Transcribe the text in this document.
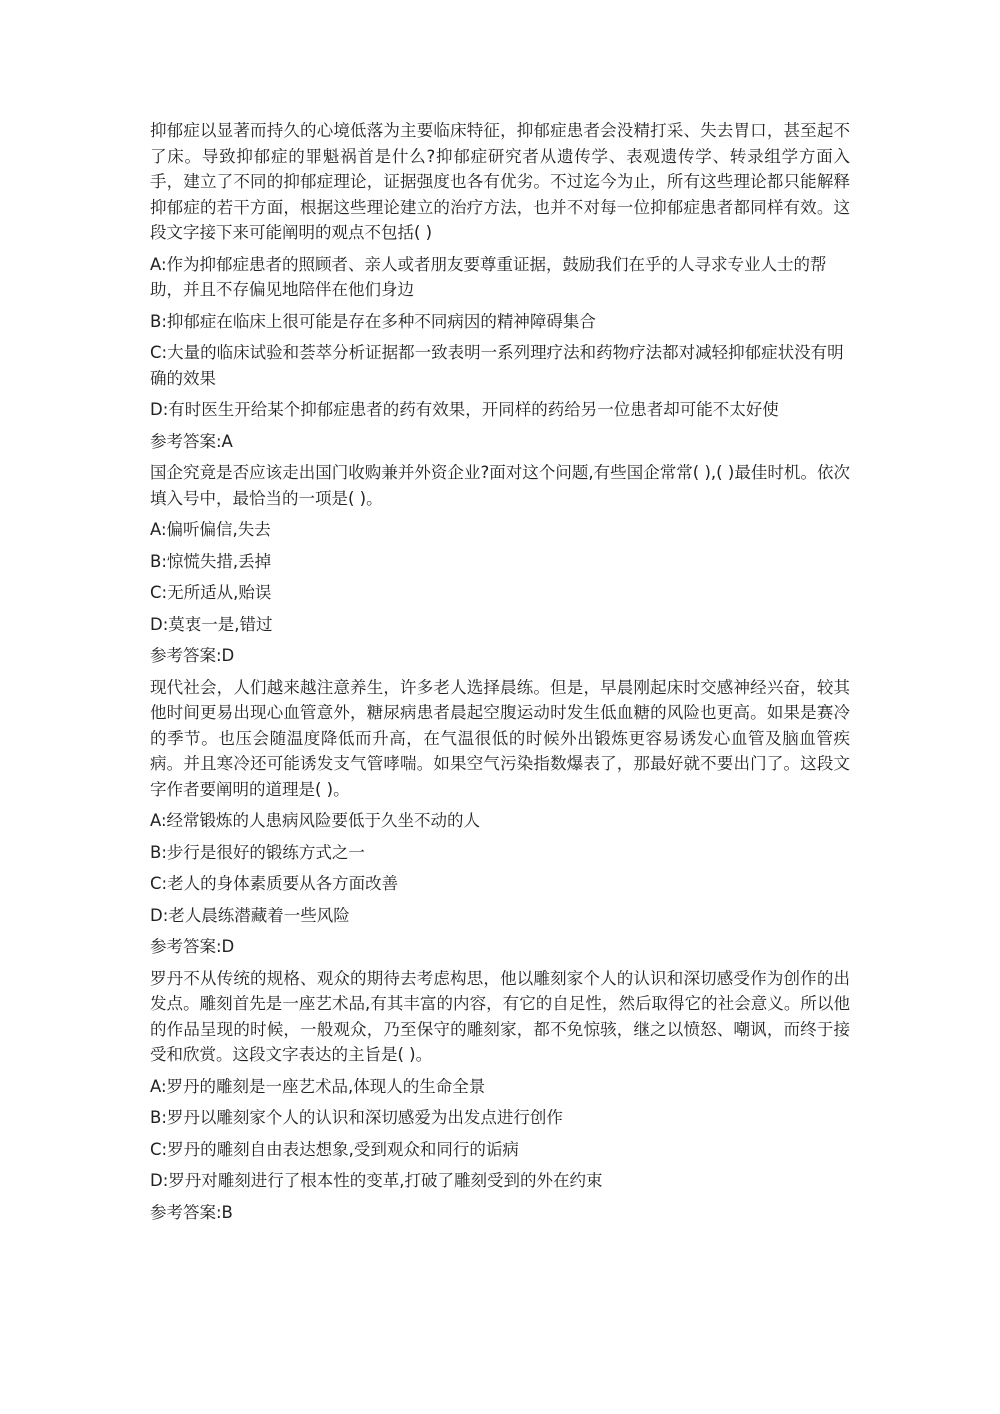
抑郁症以显著而持久的心境低落为主要临床特征，抑郁症患者会没精打采、失去胃口，甚至起不了床。导致抑郁症的罪魁祸首是什么?抑郁症研究者从遗传学、表观遗传学、转录组学方面入手，建立了不同的抑郁症理论，证据强度也各有优劣。不过迄今为止，所有这些理论都只能解释抑郁症的若干方面，根据这些理论建立的治疗方法，也并不对每一位抑郁症患者都同样有效。这段文字接下来可能阐明的观点不包括( )

A:作为抑郁症患者的照顾者、亲人或者朋友要尊重证据，鼓励我们在乎的人寻求专业人士的帮助，并且不存偏见地陪伴在他们身边

B:抑郁症在临床上很可能是存在多种不同病因的精神障碍集合

C:大量的临床试验和荟萃分析证据都一致表明一系列理疗法和药物疗法都对减轻抑郁症状没有明确的效果

D:有时医生开给某个抑郁症患者的药有效果，开同样的药给另一位患者却可能不太好使

参考答案:A

国企究竟是否应该走出国门收购兼并外资企业?面对这个问题,有些国企常常( ),( )最佳时机。依次填入号中，最恰当的一项是( )。

A:偏听偏信,失去

B:惊慌失措,丢掉

C:无所适从,贻误

D:莫衷一是,错过

参考答案:D

现代社会，人们越来越注意养生，许多老人选择晨练。但是，早晨刚起床时交感神经兴奋，较其他时间更易出现心血管意外，糖尿病患者晨起空腹运动时发生低血糖的风险也更高。如果是赛冷的季节。也压会随温度降低而升高，在气温很低的时候外出锻炼更容易诱发心血管及脑血管疾病。并且寒冷还可能诱发支气管哮喘。如果空气污染指数爆表了，那最好就不要出门了。这段文字作者要阐明的道理是( )。

A:经常锻炼的人患病风险要低于久坐不动的人

B:步行是很好的锻练方式之一

C:老人的身体素质要从各方面改善

D:老人晨练潜藏着一些风险

参考答案:D

罗丹不从传统的规格、观众的期待去考虑构思，他以雕刻家个人的认识和深切感受作为创作的出发点。雕刻首先是一座艺术品,有其丰富的内容，有它的自足性，然后取得它的社会意义。所以他的作品呈现的时候，一般观众，乃至保守的雕刻家，都不免惊骇，继之以愤怒、嘲讽，而终于接受和欣赏。这段文字表达的主旨是( )。

A:罗丹的雕刻是一座艺术品,体现人的生命全景

B:罗丹以雕刻家个人的认识和深切感爱为出发点进行创作

C:罗丹的雕刻自由表达想象,受到观众和同行的诟病

D:罗丹对雕刻进行了根本性的变革,打破了雕刻受到的外在约束

参考答案:B
